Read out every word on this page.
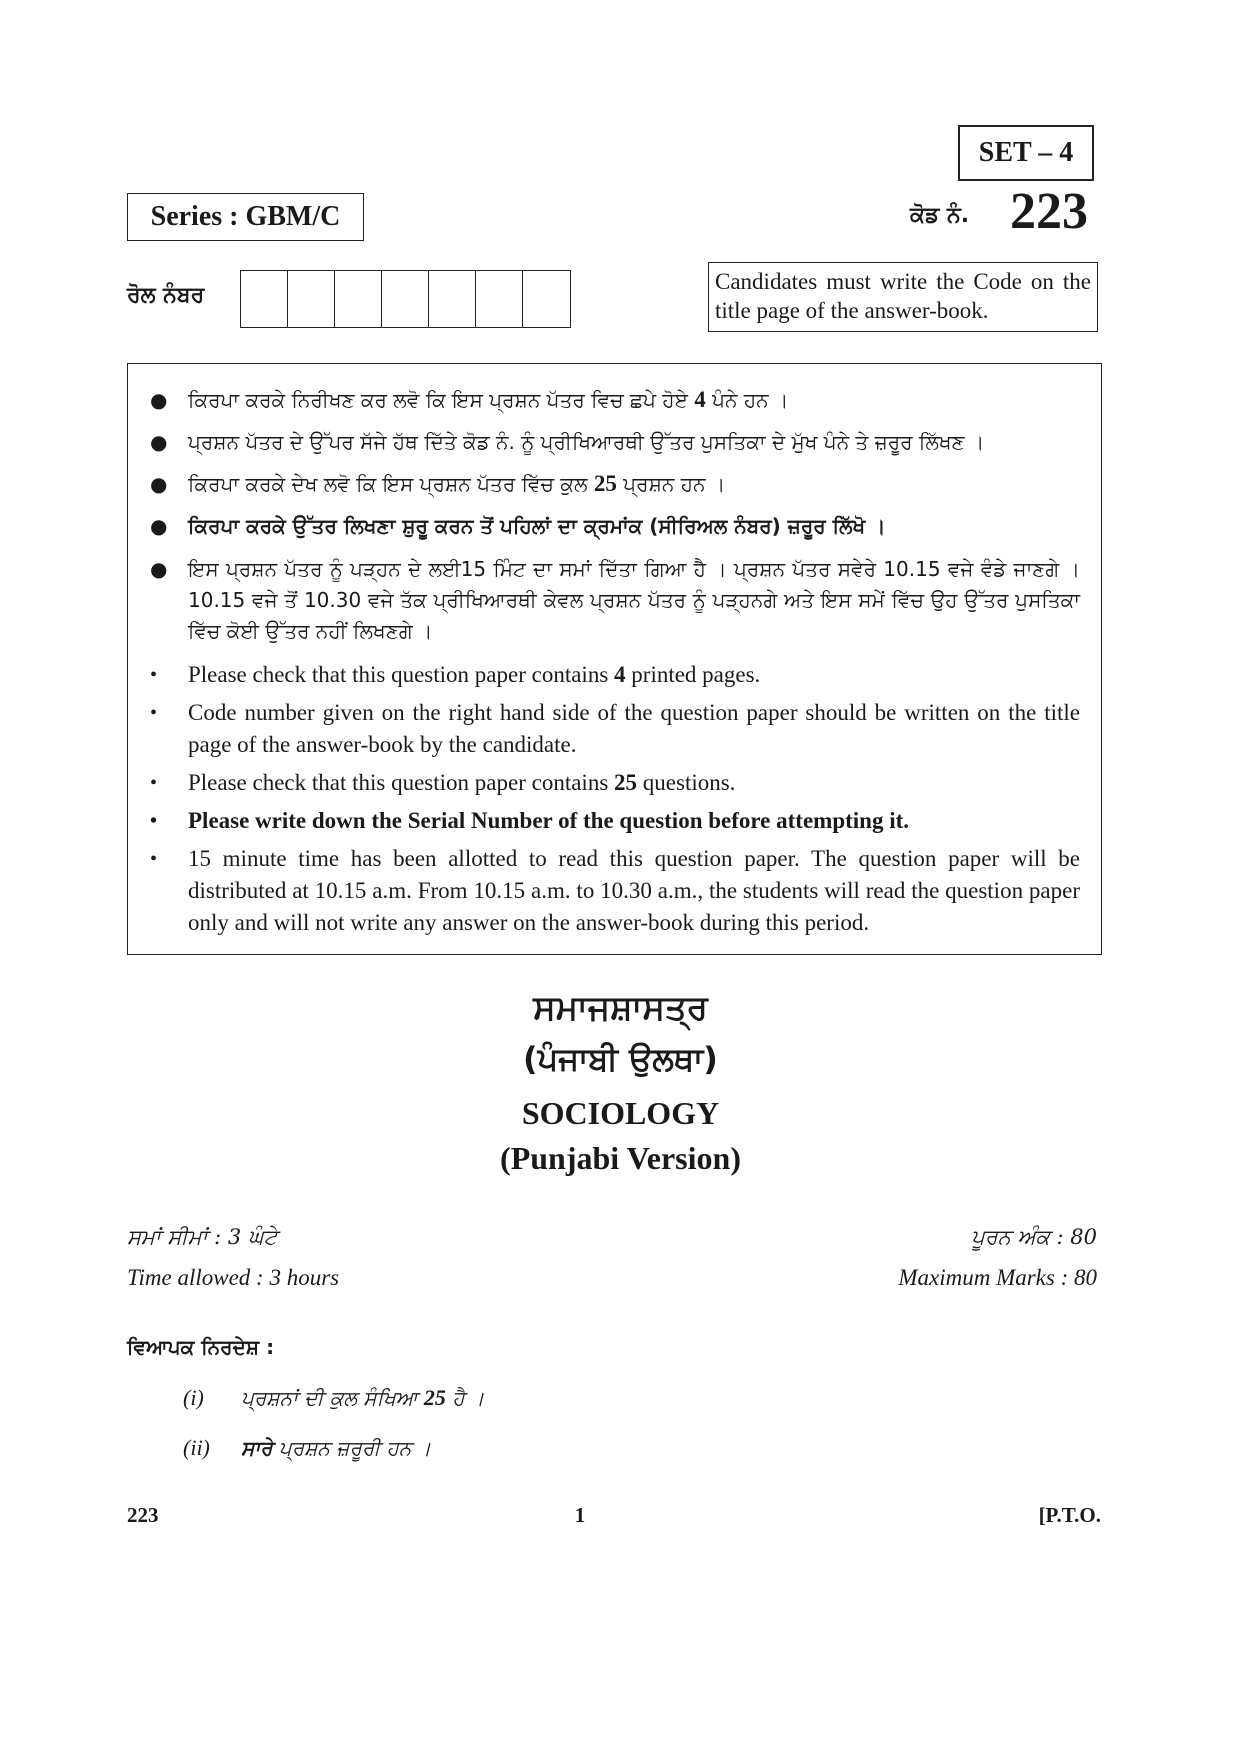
SET – 4
Series : GBM/C	ਕੋਡ ਨੰ. 223
ਰੋਲ ਨੰਬਰ
Candidates must write the Code on the title page of the answer-book.
● ਕਿਰਪਾ ਕਰਕੇ ਨਿਰੀਖਣ ਕਰ ਲਵੋ ਕਿ ਇਸ ਪ੍ਰਸ਼ਨ ਪੱਤਰ ਵਿਚ ਛਪੇ ਹੋਏ 4 ਪੰਨੇ ਹਨ ।
● ਪ੍ਰਸ਼ਨ ਪੱਤਰ ਦੇ ਉੱਪਰ ਸੱਜੇ ਹੱਥ ਦਿੱਤੇ ਕੋਡ ਨੰ. ਨੂੰ ਪ੍ਰੀਖਿਆਰਥੀ ਉੱਤਰ ਪੁਸਤਿਕਾ ਦੇ ਮੁੱਖ ਪੰਨੇ ਤੇ ਜ਼ਰੂਰ ਲਿੱਖਣ ।
● ਕਿਰਪਾ ਕਰਕੇ ਦੇਖ ਲਵੋ ਕਿ ਇਸ ਪ੍ਰਸ਼ਨ ਪੱਤਰ ਵਿੱਚ ਕੁਲ 25 ਪ੍ਰਸ਼ਨ ਹਨ ।
● ਕਿਰਪਾ ਕਰਕੇ ਉੱਤਰ ਲਿਖਣਾ ਸ਼ੁਰੂ ਕਰਨ ਤੋਂ ਪਹਿਲਾਂ ਦਾ ਕ੍ਰਮਾਂਕ (ਸੀਰਿਅਲ ਨੰਬਰ) ਜ਼ਰੂਰ ਲਿੱਖੋ ।
● ਇਸ ਪ੍ਰਸ਼ਨ ਪੱਤਰ ਨੂੰ ਪੜ੍ਹਨ ਦੇ ਲਈ15 ਮਿੰਟ ਦਾ ਸਮਾਂ ਦਿੱਤਾ ਗਿਆ ਹੈ । ਪ੍ਰਸ਼ਨ ਪੱਤਰ ਸਵੇਰੇ 10.15 ਵਜੇ ਵੰਡੇ ਜਾਣਗੇ । 10.15 ਵਜੇ ਤੋਂ 10.30 ਵਜੇ ਤੱਕ ਪ੍ਰੀਖਿਆਰਥੀ ਕੇਵਲ ਪ੍ਰਸ਼ਨ ਪੱਤਰ ਨੂੰ ਪੜ੍ਹਨਗੇ ਅਤੇ ਇਸ ਸਮੇਂ ਵਿੱਚ ਉਹ ਉੱਤਰ ਪੁਸਤਿਕਾ ਵਿੱਚ ਕੋਈ ਉੱਤਰ ਨਹੀਂ ਲਿਖਣਗੇ ।
• Please check that this question paper contains 4 printed pages.
• Code number given on the right hand side of the question paper should be written on the title page of the answer-book by the candidate.
• Please check that this question paper contains 25 questions.
• Please write down the Serial Number of the question before attempting it.
• 15 minute time has been allotted to read this question paper. The question paper will be distributed at 10.15 a.m. From 10.15 a.m. to 10.30 a.m., the students will read the question paper only and will not write any answer on the answer-book during this period.
ਸਮਾਜਸ਼ਾਸਤ੍ਰ
(ਪੰਜਾਬੀ ਉਲਥਾ)
SOCIOLOGY
(Punjabi Version)
ਸਮਾਂ ਸੀਮਾਂ : 3 ਘੰਟੇ
Time allowed : 3 hours
ਪੂਰਨ ਅੰਕ : 80
Maximum Marks : 80
ਵਿਆਪਕ ਨਿਰਦੇਸ਼ :
(i) ਪ੍ਰਸ਼ਨਾਂ ਦੀ ਕੁਲ ਸੰਖਿਆ 25 ਹੈ ।
(ii) ਸਾਰੇ ਪ੍ਰਸ਼ਨ ਜ਼ਰੂਰੀ ਹਨ ।
223	1	[P.T.O.
